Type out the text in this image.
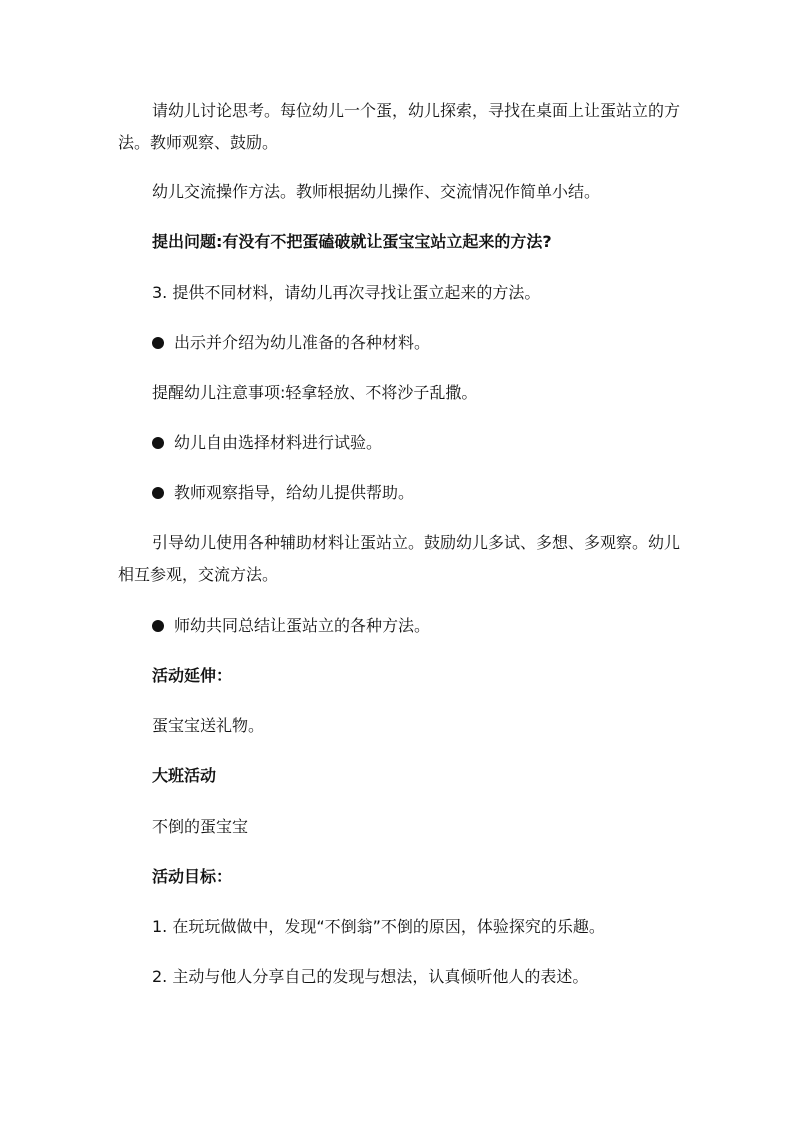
请幼儿讨论思考。每位幼儿一个蛋，幼儿探索，寻找在桌面上让蛋站立的方法。教师观察、鼓励。

幼儿交流操作方法。教师根据幼儿操作、交流情况作简单小结。

提出问题:有没有不把蛋磕破就让蛋宝宝站立起来的方法?

3. 提供不同材料，请幼儿再次寻找让蛋立起来的方法。

出示并介绍为幼儿准备的各种材料。

提醒幼儿注意事项:轻拿轻放、不将沙子乱撒。

幼儿自由选择材料进行试验。

教师观察指导，给幼儿提供帮助。

引导幼儿使用各种辅助材料让蛋站立。鼓励幼儿多试、多想、多观察。幼儿相互参观，交流方法。

师幼共同总结让蛋站立的各种方法。

活动延伸：

蛋宝宝送礼物。

大班活动

不倒的蛋宝宝

活动目标：

1. 在玩玩做做中，发现“不倒翁”不倒的原因，体验探究的乐趣。

2. 主动与他人分享自己的发现与想法，认真倾听他人的表述。
